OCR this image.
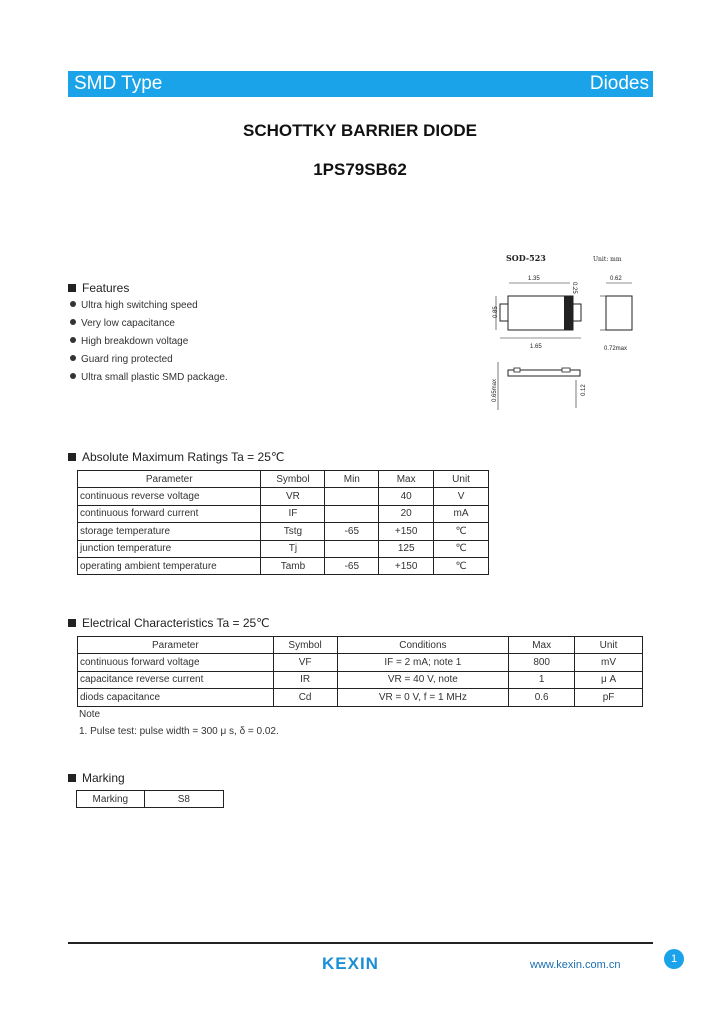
SMD Type	Diodes
SCHOTTKY BARRIER DIODE
1PS79SB62
SOD-523	Unit: mm
1.35
0.85
0.25
1.65
0.62
0.72max
0.65max	0.12
Features
Ultra high switching speed
Very low capacitance
High breakdown voltage
Guard ring protected
Ultra small plastic SMD package.
Absolute Maximum Ratings Ta = 25℃
Parameter	Symbol	Min	Max	Unit
continuous reverse voltage	VR		40	V
continuous forward current	IF		20	mA
storage temperature	Tstg	-65	+150	℃
junction temperature	Tj		125	℃
operating ambient temperature	Tamb	-65	+150	℃
Electrical Characteristics Ta = 25℃
Parameter	Symbol	Conditions	Max	Unit
continuous forward voltage	VF	IF = 2 mA; note 1	800	mV
capacitance reverse current	IR	VR = 40 V, note	1	μ A
diods capacitance	Cd	VR = 0 V, f = 1 MHz	0.6	pF
Note
1. Pulse test: pulse width = 300 μ s, δ = 0.02.
Marking
Marking	S8
KEXIN	www.kexin.com.cn	1
